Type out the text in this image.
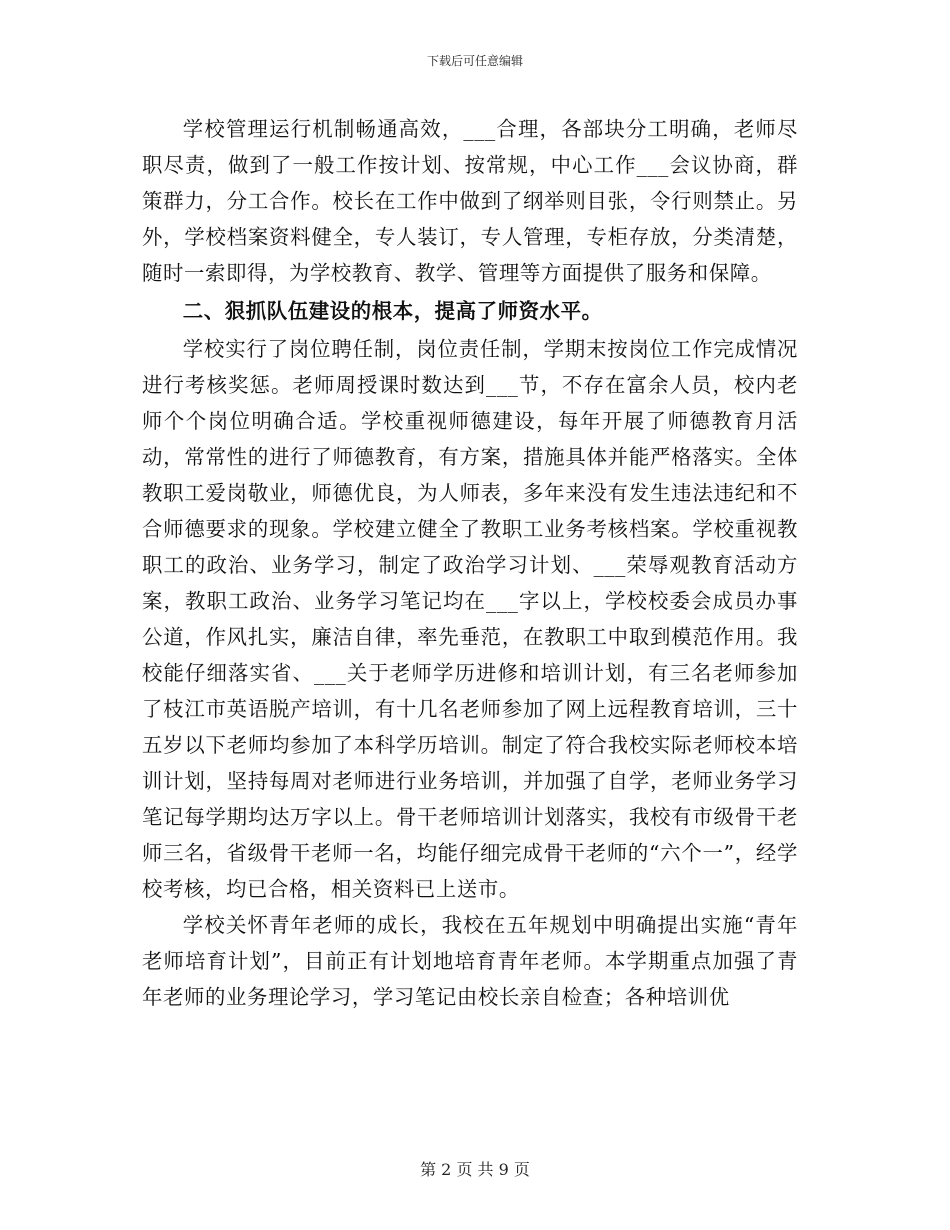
下载后可任意编辑

学校管理运行机制畅通高效，___合理，各部块分工明确，老师尽职尽责，做到了一般工作按计划、按常规，中心工作___会议协商，群策群力，分工合作。校长在工作中做到了纲举则目张，令行则禁止。另外，学校档案资料健全，专人装订，专人管理，专柜存放，分类清楚，随时一索即得，为学校教育、教学、管理等方面提供了服务和保障。

二、狠抓队伍建设的根本，提高了师资水平。

学校实行了岗位聘任制，岗位责任制，学期末按岗位工作完成情况进行考核奖惩。老师周授课时数达到___节，不存在富余人员，校内老师个个岗位明确合适。学校重视师德建设，每年开展了师德教育月活动，常常性的进行了师德教育，有方案，措施具体并能严格落实。全体教职工爱岗敬业，师德优良，为人师表，多年来没有发生违法违纪和不合师德要求的现象。学校建立健全了教职工业务考核档案。学校重视教职工的政治、业务学习，制定了政治学习计划、___荣辱观教育活动方案，教职工政治、业务学习笔记均在___字以上，学校校委会成员办事公道，作风扎实，廉洁自律，率先垂范，在教职工中取到模范作用。我校能仔细落实省、___关于老师学历进修和培训计划，有三名老师参加了枝江市英语脱产培训，有十几名老师参加了网上远程教育培训，三十五岁以下老师均参加了本科学历培训。制定了符合我校实际老师校本培训计划，坚持每周对老师进行业务培训，并加强了自学，老师业务学习笔记每学期均达万字以上。骨干老师培训计划落实，我校有市级骨干老师三名，省级骨干老师一名，均能仔细完成骨干老师的“六个一”，经学校考核，均已合格，相关资料已上送市。

学校关怀青年老师的成长，我校在五年规划中明确提出实施“青年老师培育计划”，目前正有计划地培育青年老师。本学期重点加强了青年老师的业务理论学习，学习笔记由校长亲自检查；各种培训优

第 2 页 共 9 页
